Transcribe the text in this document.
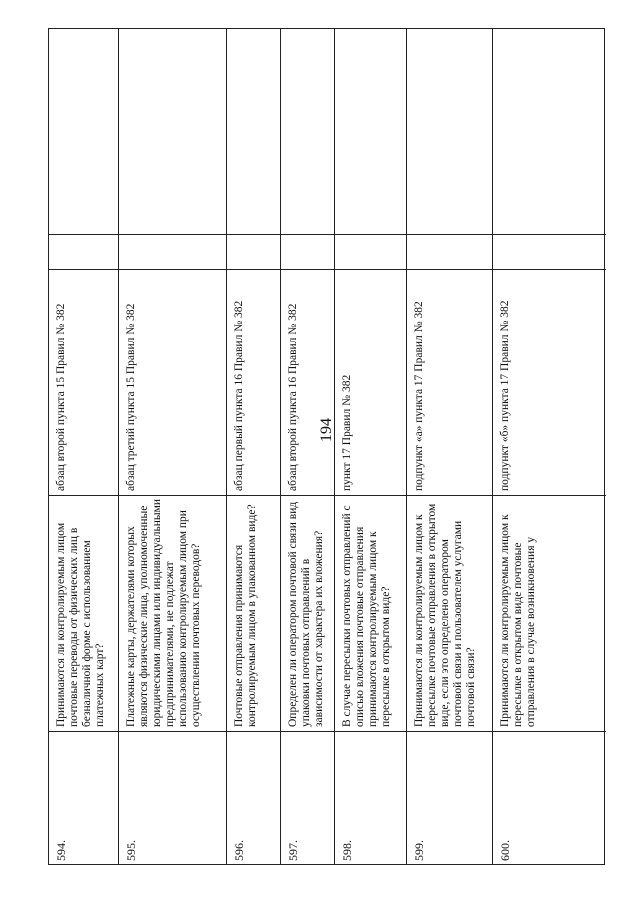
194
594.
Принимаются ли контролируемым лицом почтовые переводы от физических лиц в безналичной форме с использованием платежных карт?
абзац второй пункта 15 Правил № 382
595.
Платежные карты, держателями которых являются физические лица, уполномоченные юридическими лицами или индивидуальными предпринимателями, не подлежат использованию контролируемым лицом при осуществлении почтовых переводов?
абзац третий пункта 15 Правил № 382
596.
Почтовые отправления принимаются контролируемым лицом в упакованном виде?
абзац первый пункта 16 Правил № 382
597.
Определен ли оператором почтовой связи вид упаковки почтовых отправлений в зависимости от характера их вложения?
абзац второй пункта 16 Правил № 382
598.
В случае пересылки почтовых отправлений с описью вложения почтовые отправления принимаются контролируемым лицом к пересылке в открытом виде?
пункт 17 Правил № 382
599.
Принимаются ли контролируемым лицом к пересылке почтовые отправления в открытом виде, если это определено оператором почтовой связи и пользователем услугами почтовой связи?
подпункт «а» пункта 17 Правил № 382
600.
Принимаются ли контролируемым лицом к пересылке в открытом виде почтовые отправления в случае возникновения у
подпункт «б» пункта 17 Правил № 382
